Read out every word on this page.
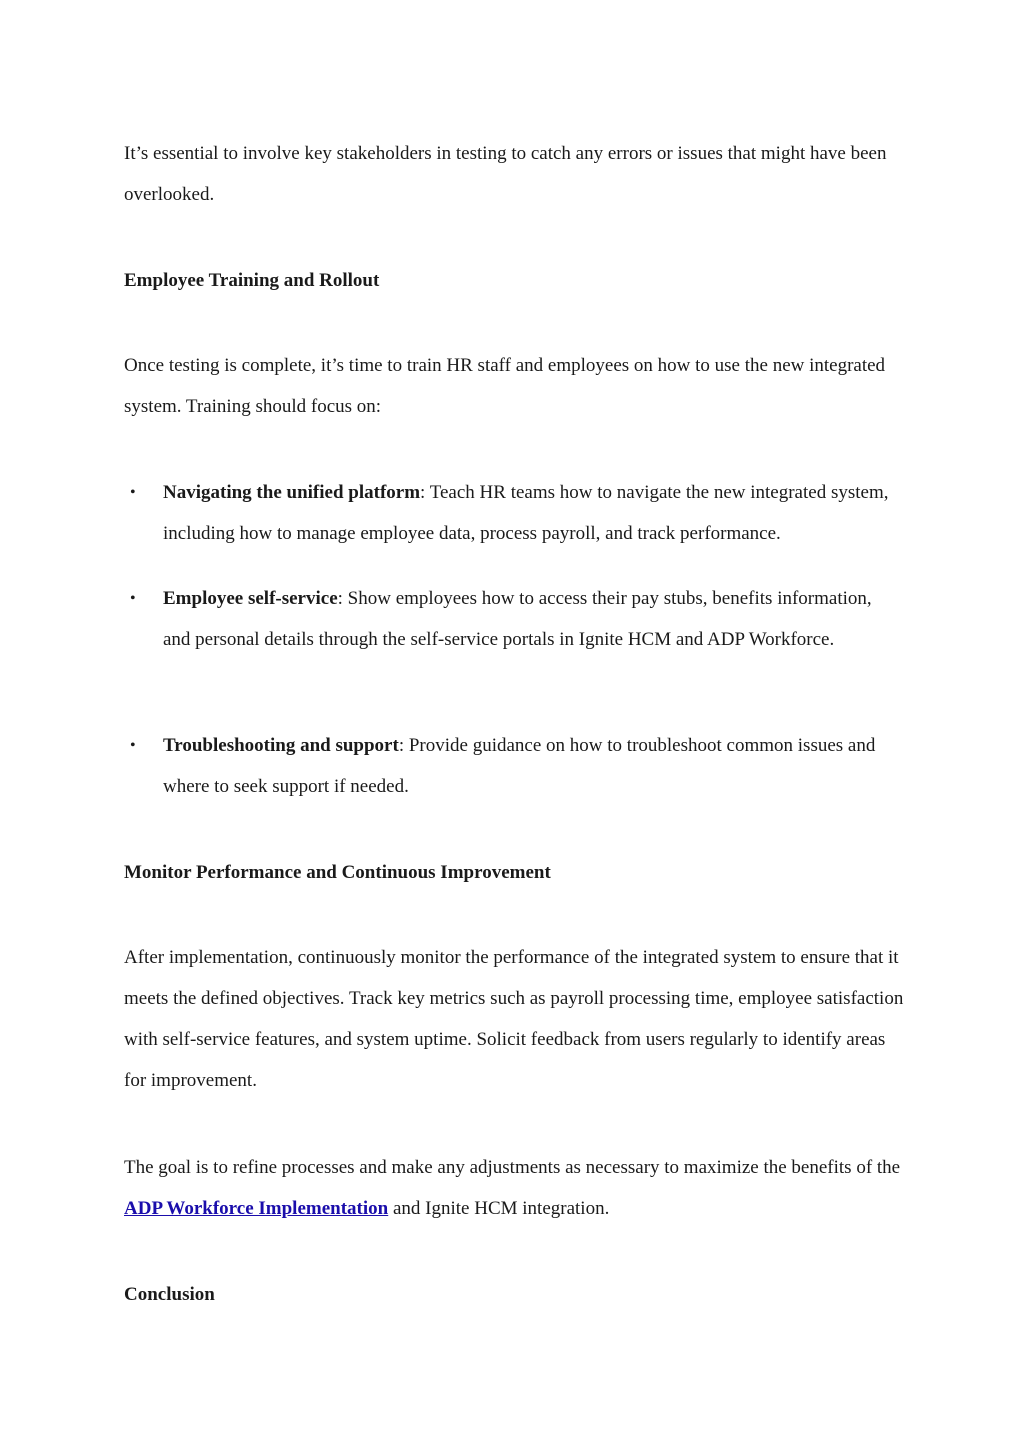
It’s essential to involve key stakeholders in testing to catch any errors or issues that might have been overlooked.

Employee Training and Rollout

Once testing is complete, it’s time to train HR staff and employees on how to use the new integrated system. Training should focus on:

• Navigating the unified platform: Teach HR teams how to navigate the new integrated system, including how to manage employee data, process payroll, and track performance.
• Employee self-service: Show employees how to access their pay stubs, benefits information, and personal details through the self-service portals in Ignite HCM and ADP Workforce.
• Troubleshooting and support: Provide guidance on how to troubleshoot common issues and where to seek support if needed.

Monitor Performance and Continuous Improvement

After implementation, continuously monitor the performance of the integrated system to ensure that it meets the defined objectives. Track key metrics such as payroll processing time, employee satisfaction with self-service features, and system uptime. Solicit feedback from users regularly to identify areas for improvement.

The goal is to refine processes and make any adjustments as necessary to maximize the benefits of the ADP Workforce Implementation and Ignite HCM integration.

Conclusion
